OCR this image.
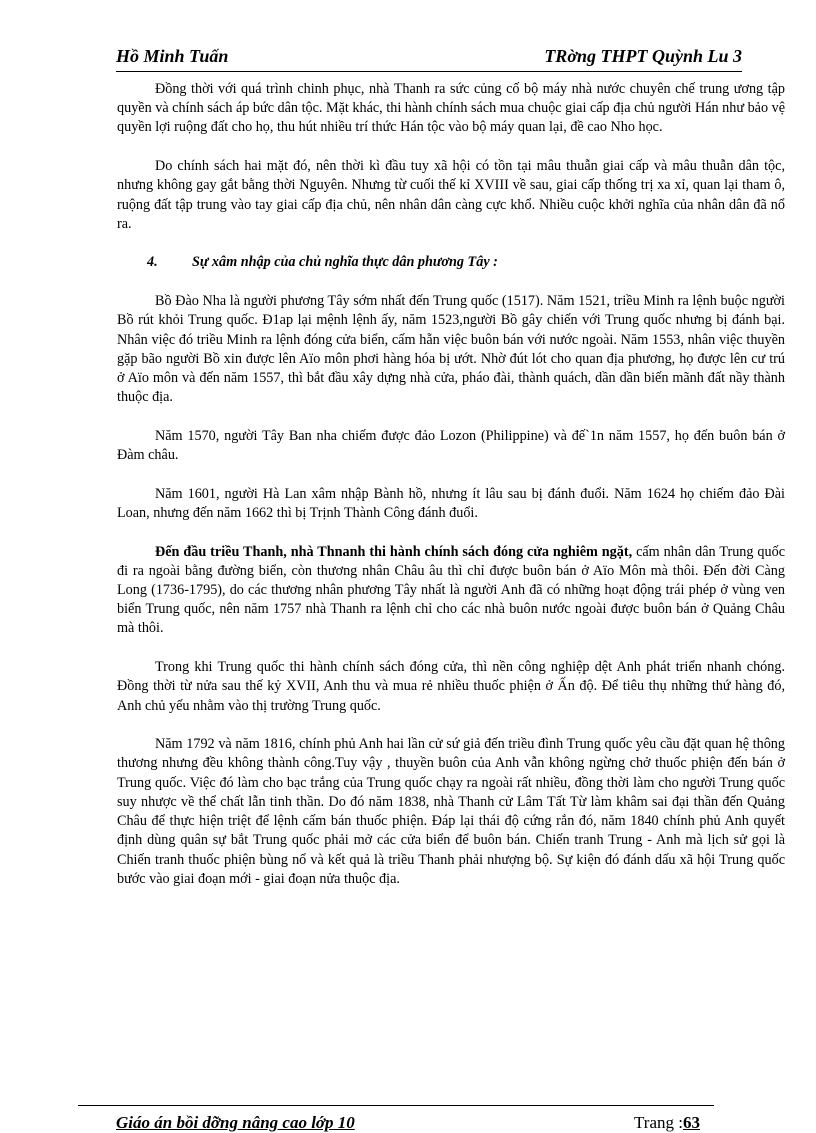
Hồ Minh Tuấn	TRờng THPT Quỳnh Lu 3

Đồng thời với quá trình chinh phục, nhà Thanh ra sức củng cố bộ máy nhà nước chuyên chế trung ương tập quyền và chính sách áp bức dân tộc. Mặt khác, thi hành chính sách mua chuộc giai cấp địa chủ người Hán như bảo vệ quyền lợi ruộng đất cho họ, thu hút nhiều trí thức Hán tộc vào bộ máy quan lại, đề cao Nho học.

Do chính sách hai mặt đó, nên thời kì đầu tuy xã hội có tồn tại mâu thuẫn giai cấp và mâu thuẫn dân tộc, nhưng không gay gắt bằng thời Nguyên. Nhưng từ cuối thế kỉ XVIII về sau, giai cấp thống trị xa xỉ, quan lại tham ô, ruộng đất tập trung vào tay giai cấp địa chủ, nên nhân dân càng cực khổ. Nhiều cuộc khởi nghĩa của nhân dân đã nổ ra.

4. Sự xâm nhập của chủ nghĩa thực dân phương Tây :

Bồ Đào Nha là người phương Tây sớm nhất đến Trung quốc (1517). Năm 1521, triều Minh ra lệnh buộc người Bồ rút khỏi Trung quốc. Đ1ap lại mệnh lệnh ấy, năm 1523,người Bồ gây chiến với Trung quốc nhưng bị đánh bại. Nhân việc đó triều Minh ra lệnh đóng cửa biển, cấm hẵn việc buôn bán với nước ngoài. Năm 1553, nhân việc thuyền gặp bão người Bồ xin được lên Aïo môn phơi hàng hóa bị ướt. Nhờ đút lót cho quan địa phương, họ được lên cư trú ở Aïo môn và đến năm 1557, thì bắt đầu xây dựng nhà cửa, pháo đài, thành quách, dần dần biến mãnh đất nầy thành thuộc địa.

Năm 1570, người Tây Ban nha chiếm được đảo Lozon (Philippine) và đế`1n năm 1557, họ đến buôn bán ở Đàm châu.

Năm 1601, người Hà Lan xâm nhập Bành hồ, nhưng ít lâu sau bị đánh đuổi. Năm 1624 họ chiếm đảo Đài Loan, nhưng đến năm 1662 thì bị Trịnh Thành Công đánh đuổi.

Đến đầu triều Thanh, nhà Thnanh thi hành chính sách đóng cửa nghiêm ngặt, cấm nhân dân Trung quốc đi ra ngoài bằng đường biển, còn thương nhân Châu âu thì chỉ được buôn bán ở Aïo Môn mà thôi. Đến đời Càng Long (1736-1795), do các thương nhân phương Tây nhất là người Anh đã có những hoạt động trái phép ở vùng ven biển Trung quốc, nên năm 1757 nhà Thanh ra lệnh chỉ cho các nhà buôn nước ngoài được buôn bán ở Quảng Châu mà thôi.

Trong khi Trung quốc thi hành chính sách đóng cửa, thì nền công nghiệp dệt Anh phát triển nhanh chóng. Đồng thời từ nửa sau thế kỷ XVII, Anh thu và mua rẻ nhiều thuốc phiện ở Ấn độ. Để tiêu thụ những thứ hàng đó, Anh chủ yếu nhằm vào thị trường Trung quốc.

Năm 1792 và năm 1816, chính phủ Anh hai lần cử sứ giả đến triều đình Trung quốc yêu cầu đặt quan hệ thông thương nhưng đều không thành công.Tuy vậy , thuyền buôn của Anh vẫn không ngừng chở thuốc phiện đến bán ở Trung quốc. Việc đó làm cho bạc trắng của Trung quốc chạy ra ngoài rất nhiều, đồng thời làm cho người Trung quốc suy nhược về thể chất lẫn tinh thần. Do đó năm 1838, nhà Thanh cử Lâm Tất Từ làm khâm sai đại thần đến Quảng Châu để thực hiện triệt để lệnh cấm bán thuốc phiện. Đáp lại thái độ cứng rắn đó, năm 1840 chính phủ Anh quyết định dùng quân sự bắt Trung quốc phải mở các cửa biển để buôn bán. Chiến tranh Trung - Anh mà lịch sử gọi là Chiến tranh thuốc phiện bùng nổ và kết quả là triều Thanh phải nhượng bộ. Sự kiện đó đánh dấu xã hội Trung quốc bước vào giai đoạn mới - giai đoạn nửa thuộc địa.

Giáo án bồi dỡng nâng cao lớp 10	Trang :63
